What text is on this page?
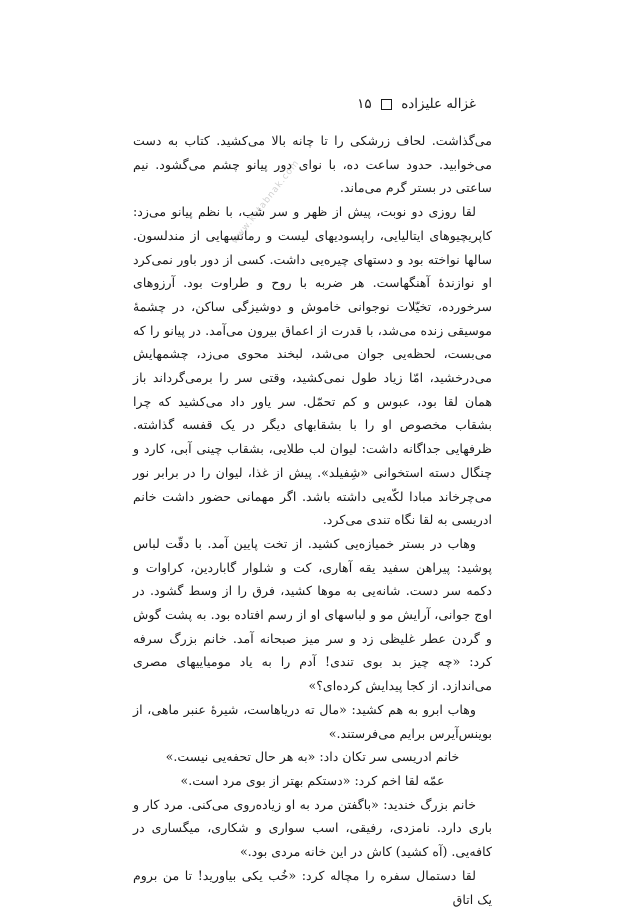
غزاله علیزاده  ۱۵
www.ketabnak.com

می‌گذاشت. لحاف زرشکی را تا چانه بالا می‌کشید. کتاب به دست می‌خوابید. حدود ساعت ده، با نوای دور پیانو چشم می‌گشود. نیم ساعتی در بستر گرم می‌ماند.

لقا روزی دو نوبت، پیش از ظهر و سر شب، با نظم پیانو می‌زد: کاپریچیوهای ایتالیایی، راپسودیهای لیست و رمانسهایی از مندلسون. سالها نواخته بود و دستهای چیره‌یی داشت. کسی از دور باور نمی‌کرد او نوازندهٔ آهنگهاست. هر ضربه با روح و طراوت بود. آرزوهای سرخورده، تخیّلات نوجوانی خاموش و دوشیزگی ساکن، در چشمهٔ موسیقی زنده می‌شد، با قدرت از اعماق بیرون می‌آمد. در پیانو را که می‌بست، لحظه‌یی جوان می‌شد، لبخند محوی می‌زد، چشمهایش می‌درخشید، امّا زیاد طول نمی‌کشید، وقتی سر را برمی‌گرداند باز همان لقا بود، عبوس و کم تحمّل. سر یاور داد می‌کشید که چرا بشقاب مخصوص او را با بشقابهای دیگر در یک قفسه گذاشته. ظرفهایی جداگانه داشت: لیوان لب طلایی، بشقاب چینی آبی، کارد و چنگال دسته استخوانی «شِفیلد». پیش از غذا، لیوان را در برابر نور می‌چرخاند مبادا لکّه‌یی داشته باشد. اگر مهمانی حضور داشت خانم ادریسی به لقا نگاه تندی می‌کرد.

وهاب در بستر خمیازه‌یی کشید. از تخت پایین آمد. با دقّت لباس پوشید: پیراهن سفید یقه آهاری، کت و شلوار گاباردین، کراوات و دکمه سر دست. شانه‌یی به موها کشید، فرق را از وسط گشود. در اوج جوانی، آرایش مو و لباسهای او از رسم افتاده بود. به پشت گوش و گردن عطر غلیظی زد و سر میز صبحانه آمد. خانم بزرگ سرفه کرد: «چه چیز بد بوی تندی! آدم را به یاد مومیاییهای مصری می‌اندازد. از کجا پیدایش کرده‌ای؟»

وهاب ابرو به هم کشید: «مال ته دریاهاست، شیرهٔ عنبر ماهی، از بوینس‌آیرس برایم می‌فرستند.»

خانم ادریسی سر تکان داد: «به هر حال تحفه‌یی نیست.»

عمّه لقا اخم کرد: «دستکم بهتر از بوی مرد است.»

خانم بزرگ خندید: «باگفتن مرد به او زیاده‌روی می‌کنی. مرد کار و باری دارد. نامزدی، رفیقی، اسب سواری و شکاری، میگساری در کافه‌یی. (آه کشید) کاش در این خانه مردی بود.»

لقا دستمال سفره را مچاله کرد: «خُب یکی بیاورید! تا من بروم یک اتاق
